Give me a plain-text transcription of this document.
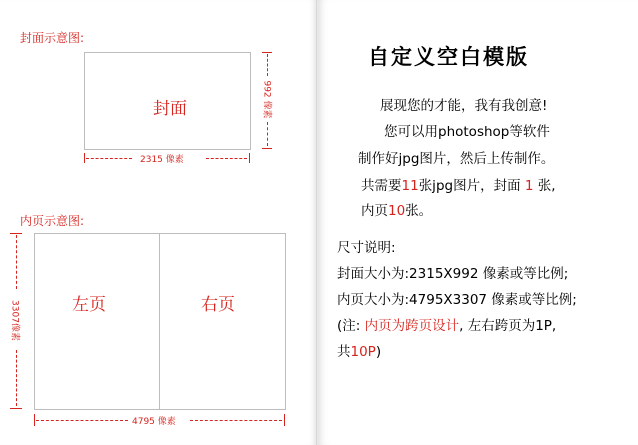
封面示意图:
封面	992 像素
2315 像素
内页示意图:
左页	右页
3307像素
4795 像素
自定义空白模版
展现您的才能，我有我创意!
您可以用photoshop等软件
制作好jpg图片，然后上传制作。
共需要11张jpg图片，封面 1 张,
内页10张。
尺寸说明:
封面大小为:2315X992 像素或等比例;
内页大小为:4795X3307 像素或等比例;
(注: 内页为跨页设计, 左右跨页为1P,
共10P)
